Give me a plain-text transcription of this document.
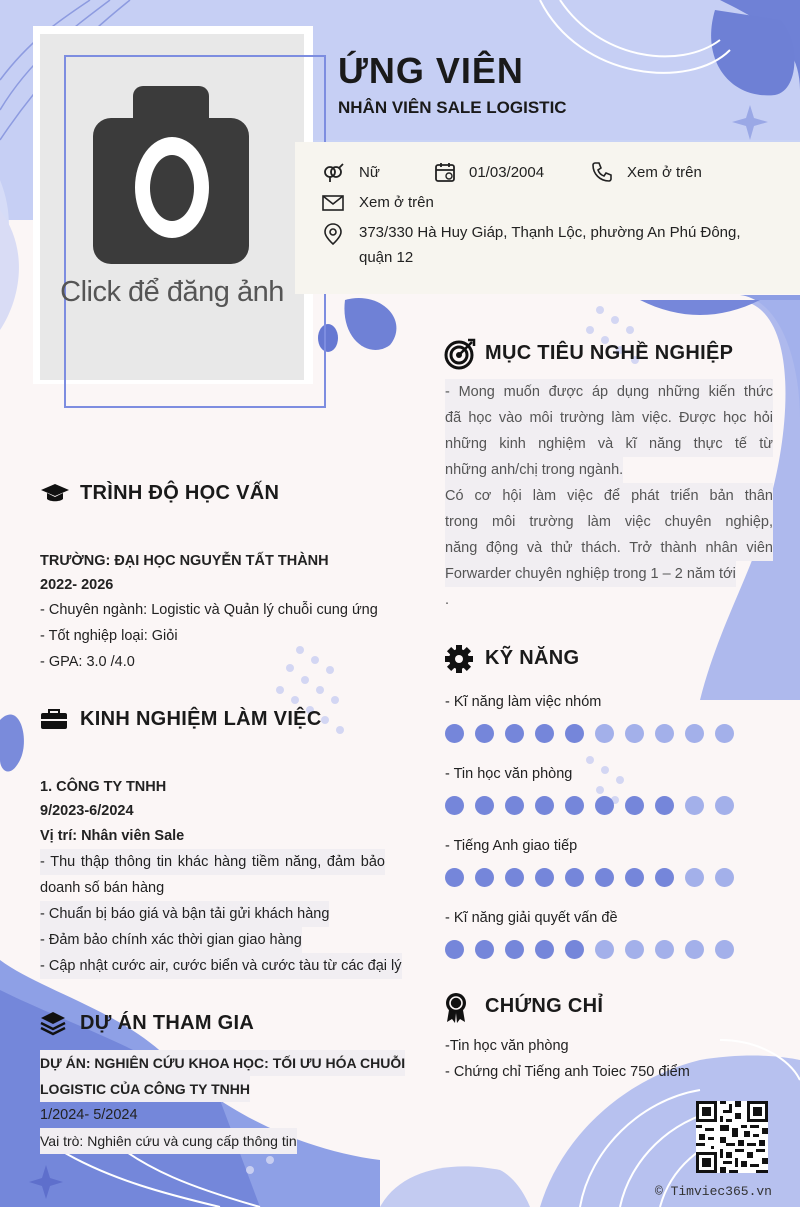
Click để đăng ảnh
ỨNG VIÊN
NHÂN VIÊN SALE LOGISTIC
Nữ	01/03/2004	Xem ở trên
Xem ở trên
373/330 Hà Huy Giáp, Thạnh Lộc, phường An Phú Đông,
quận 12
TRÌNH ĐỘ HỌC VẤN
TRƯỜNG: ĐẠI HỌC NGUYỄN TẤT THÀNH
2022- 2026
- Chuyên ngành: Logistic và Quản lý chuỗi cung ứng
- Tốt nghiệp loại: Giỏi
- GPA: 3.0 /4.0
KINH NGHIỆM LÀM VIỆC
1. CÔNG TY TNHH
9/2023-6/2024
Vị trí: Nhân viên Sale
- Thu thập thông tin khác hàng tiềm năng, đảm bảo
doanh số bán hàng
- Chuẩn bị báo giá và bận tải gửi khách hàng
- Đảm bảo chính xác thời gian giao hàng
- Cập nhật cước air, cước biển và cước tàu từ các đại lý
DỰ ÁN THAM GIA
DỰ ÁN: NGHIÊN CỨU KHOA HỌC: TỐI ƯU HÓA CHUỖI
LOGISTIC CỦA CÔNG TY TNHH
1/2024- 5/2024
Vai trò: Nghiên cứu và cung cấp thông tin
MỤC TIÊU NGHỀ NGHIỆP
- Mong muốn được áp dụng những kiến thức
đã học vào môi trường làm việc. Được học hỏi
những kinh nghiệm và kĩ năng thực tế từ
những anh/chị trong ngành.
Có cơ hội làm việc để phát triển bản thân
trong môi trường làm việc chuyên nghiệp,
năng động và thử thách. Trở thành nhân viên
Forwarder chuyên nghiệp trong 1 – 2 năm tới
.
KỸ NĂNG
- Kĩ năng làm việc nhóm
- Tin học văn phòng
- Tiếng Anh giao tiếp
- Kĩ năng giải quyết vấn đề
CHỨNG CHỈ
-Tin học văn phòng
- Chứng chỉ Tiếng anh Toiec 750 điểm
© Timviec365.vn
